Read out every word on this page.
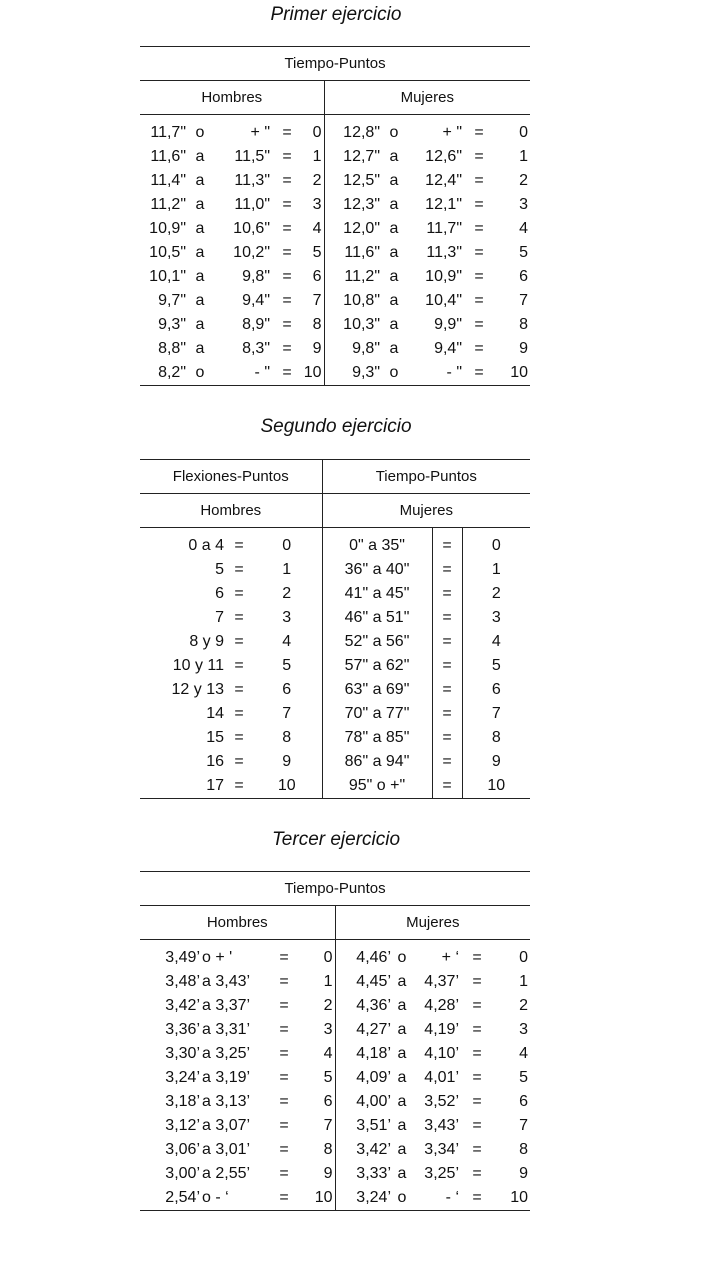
Primer ejercicio
Tiempo-Puntos									
Hombres					Mujeres				

11,7"	o	+ "	=	0	12,8"	o	+ "	=	0
11,6"	a	11,5"	=	1	12,7"	a	12,6"	=	1
11,4"	a	11,3"	=	2	12,5"	a	12,4"	=	2
11,2"	a	11,0"	=	3	12,3"	a	12,1"	=	3
10,9"	a	10,6"	=	4	12,0"	a	11,7"	=	4
10,5"	a	10,2"	=	5	11,6"	a	11,3"	=	5
10,1"	a	9,8"	=	6	11,2"	a	10,9"	=	6
9,7"	a	9,4"	=	7	10,8"	a	10,4"	=	7
9,3"	a	8,9"	=	8	10,3"	a	9,9"	=	8
8,8"	a	8,3"	=	9	9,8"	a	9,4"	=	9
8,2"	o	- "	=	10	9,3"	o	- "	=	10
Segundo ejercicio
Flexiones-Puntos			Tiempo-Puntos		
Hombres			Mujeres		

0 a 4	=	0	0" a 35"	=	0
5	=	1	36" a 40"	=	1
6	=	2	41" a 45"	=	2
7	=	3	46" a 51"	=	3
8 y 9	=	4	52" a 56"	=	4
10 y 11	=	5	57" a 62"	=	5
12 y 13	=	6	63" a 69"	=	6
14	=	7	70" a 77"	=	7
15	=	8	78" a 85"	=	8
16	=	9	86" a 94"	=	9
17	=	10	95" o +"	=	10
Tercer ejercicio
Tiempo-Puntos								
Hombres				Mujeres				

3,49’	o + '	=	0	4,46’	o	+ ‘	=	0
3,48’	a 3,43’	=	1	4,45’	a	4,37’	=	1
3,42’	a 3,37’	=	2	4,36’	a	4,28’	=	2
3,36’	a 3,31’	=	3	4,27’	a	4,19’	=	3
3,30’	a 3,25’	=	4	4,18’	a	4,10’	=	4
3,24’	a 3,19’	=	5	4,09’	a	4,01’	=	5
3,18’	a 3,13’	=	6	4,00’	a	3,52’	=	6
3,12’	a 3,07’	=	7	3,51’	a	3,43’	=	7
3,06’	a 3,01’	=	8	3,42’	a	3,34’	=	8
3,00’	a 2,55’	=	9	3,33’	a	3,25’	=	9
2,54’	o - ‘	=	10	3,24’	o	- ‘	=	10
